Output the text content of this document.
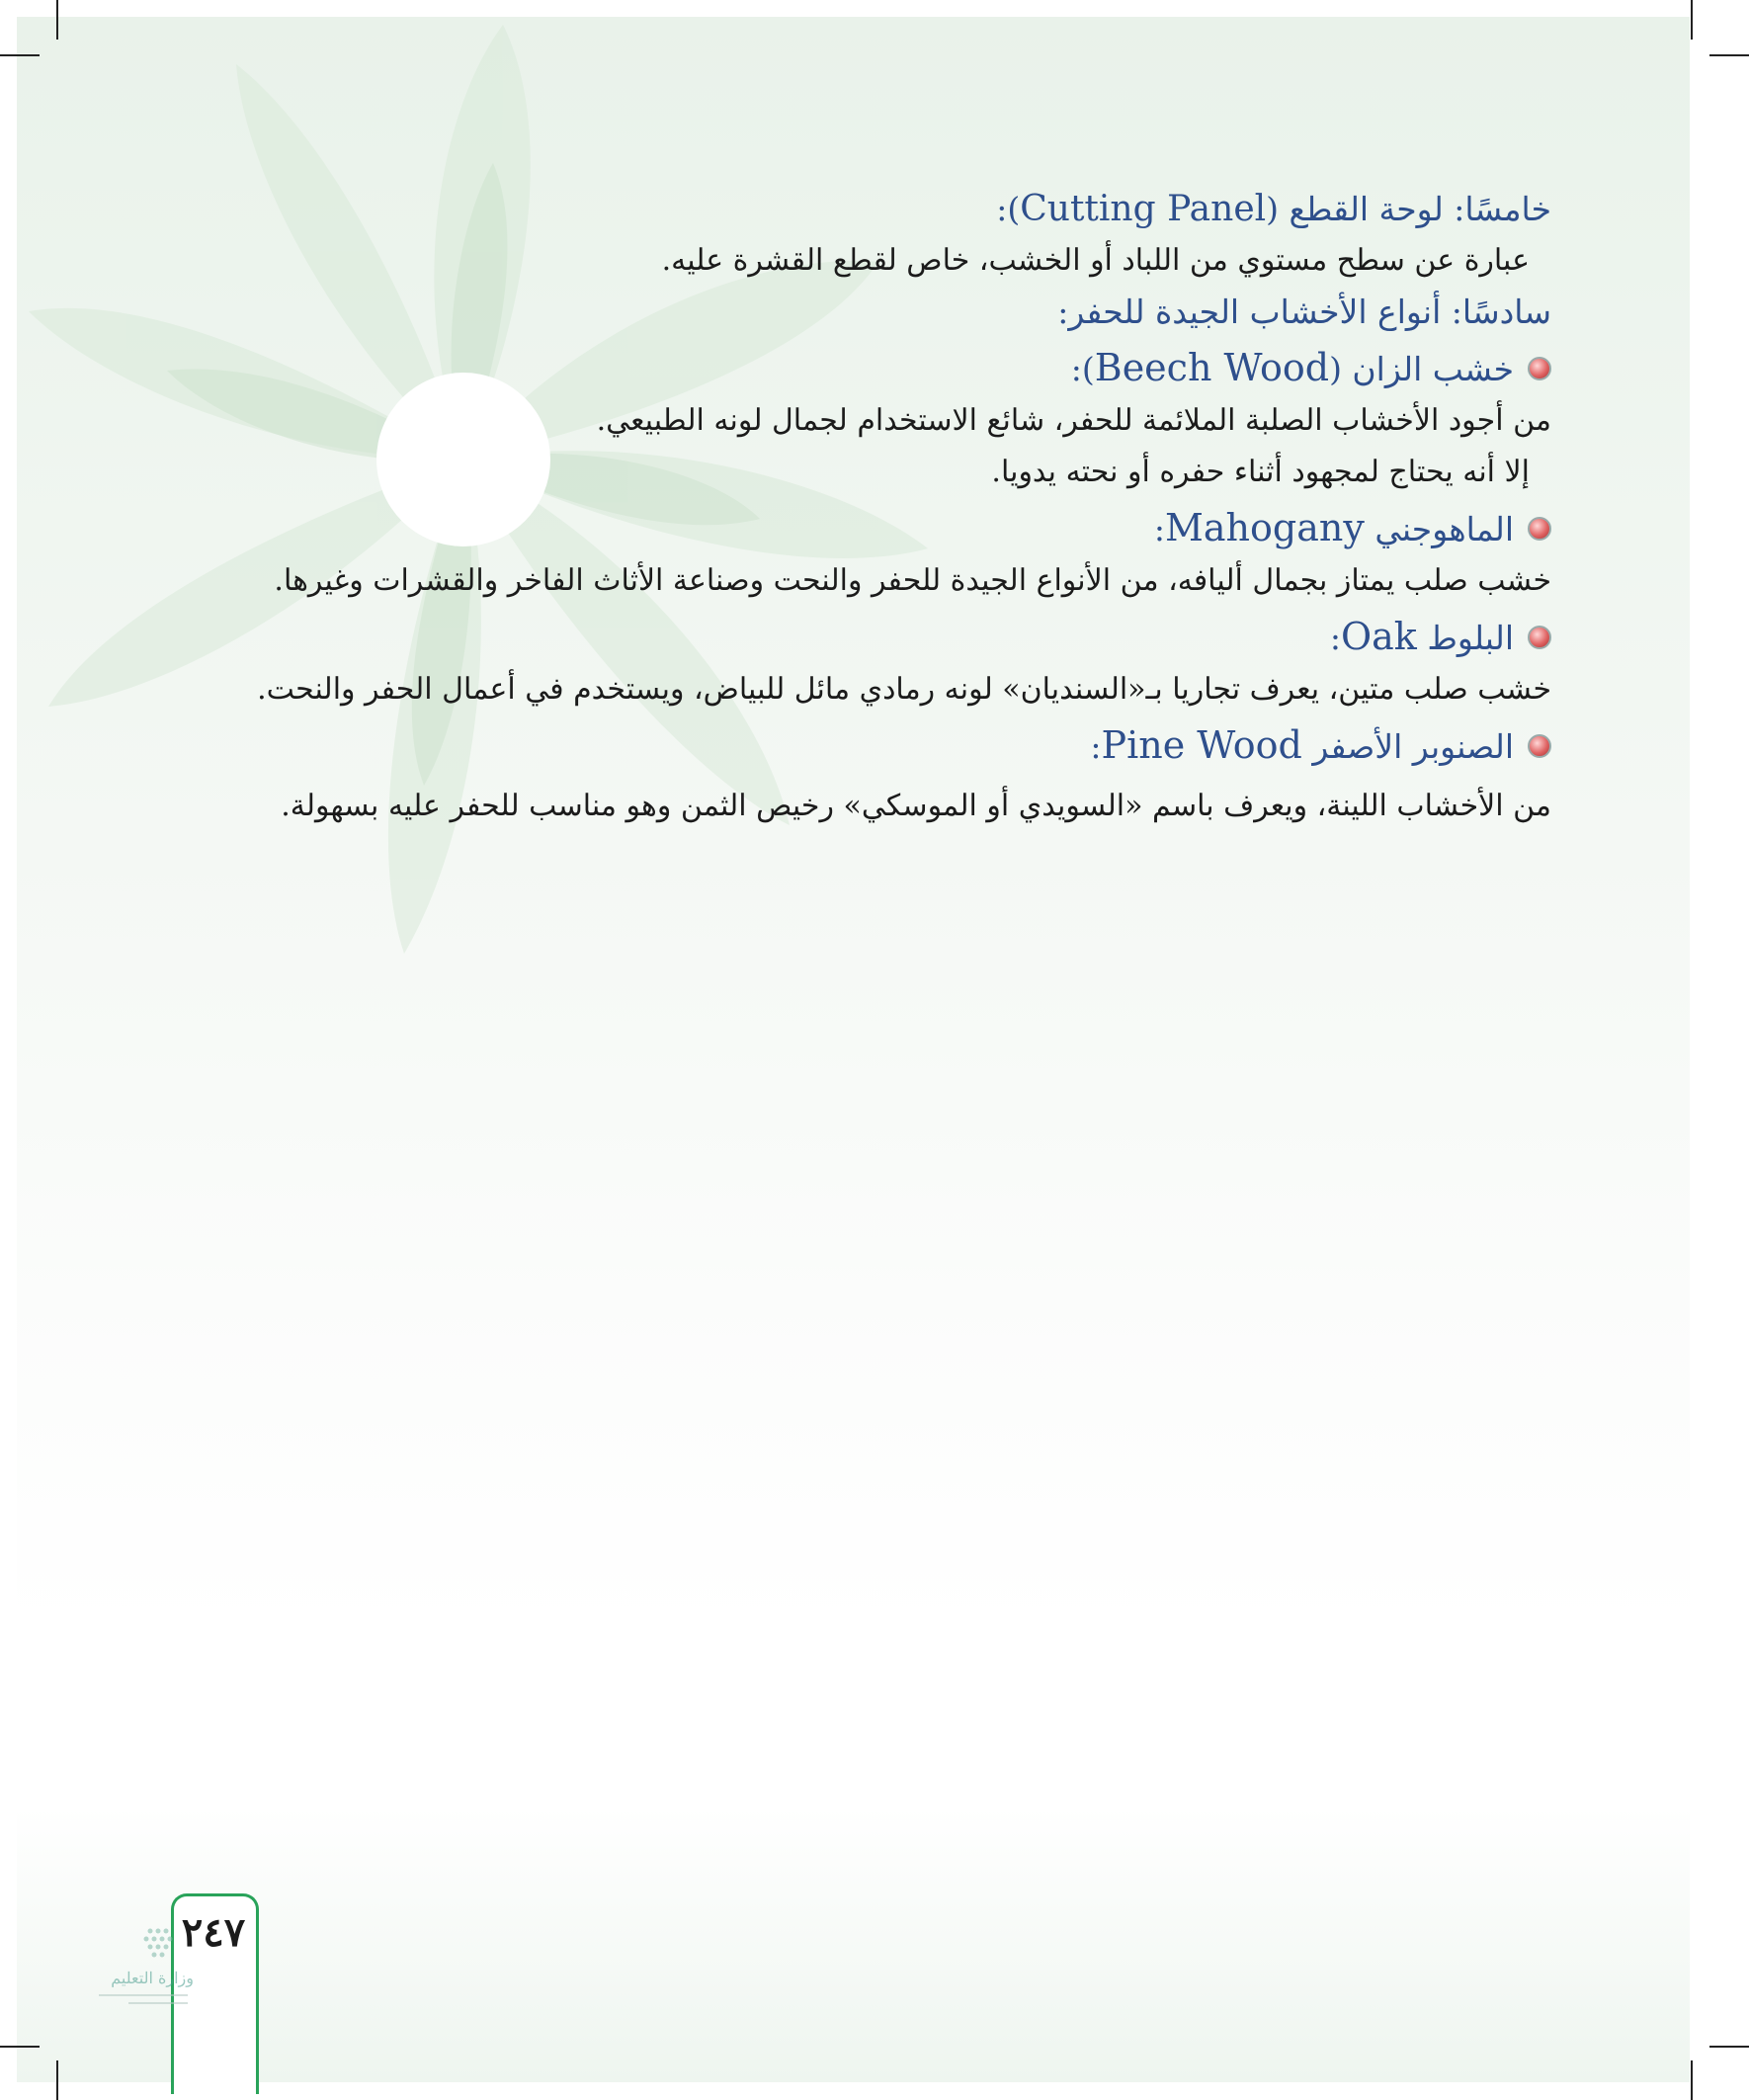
خامسًا: لوحة القطع (Cutting Panel):

عبارة عن سطح مستوي من اللباد أو الخشب، خاص لقطع القشرة عليه.

سادسًا: أنواع الأخشاب الجيدة للحفر:

خشب الزان (Beech Wood):

من أجود الأخشاب الصلبة الملائمة للحفر، شائع الاستخدام لجمال لونه الطبيعي.

إلا أنه يحتاج لمجهود أثناء حفره أو نحته يدويا.

الماهوجني Mahogany:

خشب صلب يمتاز بجمال أليافه، من الأنواع الجيدة للحفر والنحت وصناعة الأثاث الفاخر والقشرات وغيرها.

البلوط Oak:

خشب صلب متين، يعرف تجاريا بـ«السنديان» لونه رمادي مائل للبياض، ويستخدم في أعمال الحفر والنحت.

الصنوبر الأصفر Pine Wood:

من الأخشاب اللينة، ويعرف باسم «السويدي أو الموسكي» رخيص الثمن وهو مناسب للحفر عليه بسهولة.

٢٤٧
وزارة التعليم
